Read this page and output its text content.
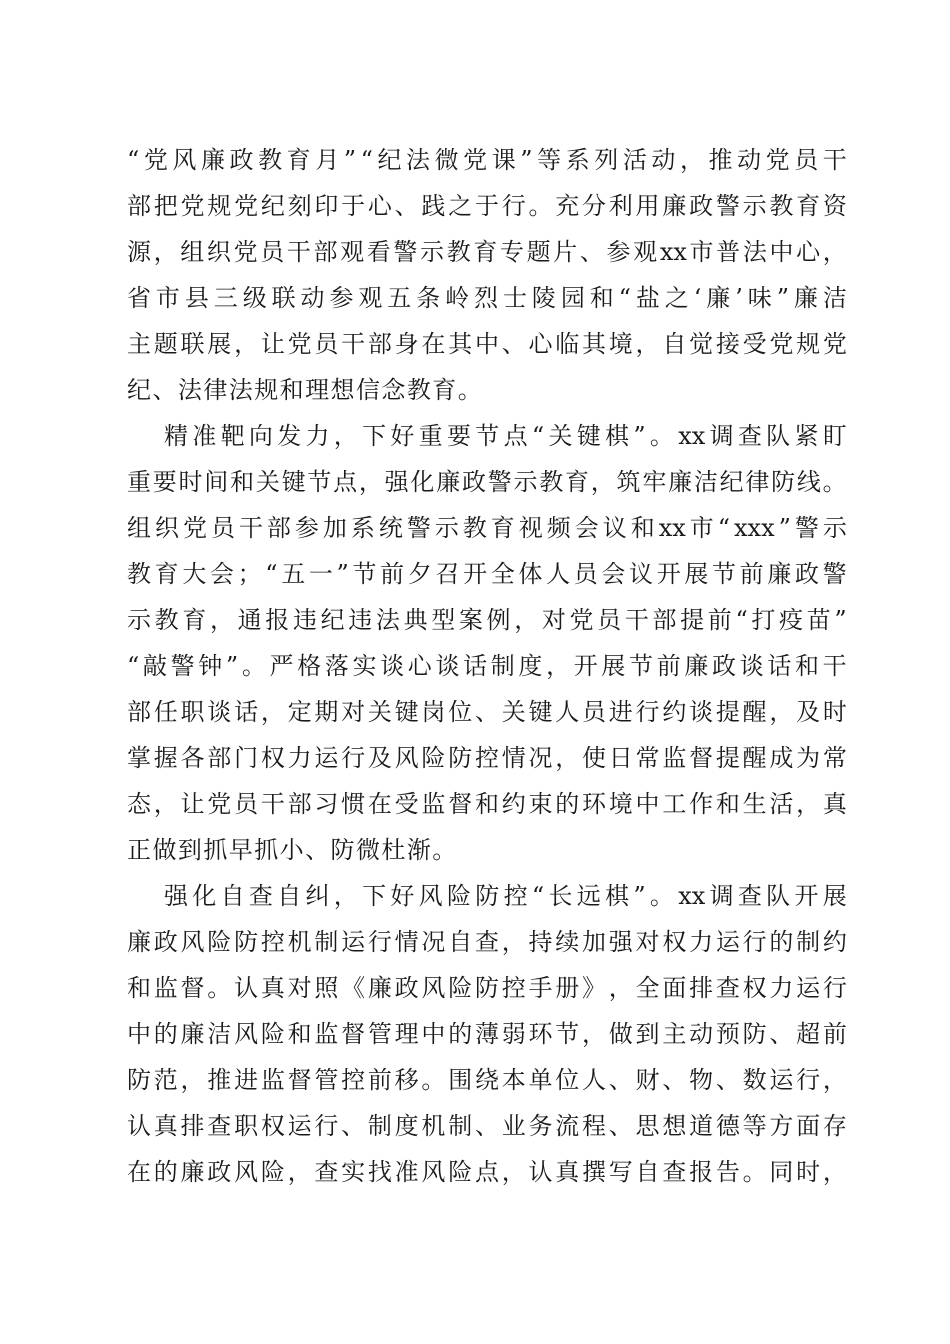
“ 党 风 廉 政 教 育 月 ” “ 纪 法 微 党 课 ” 等 系 列 活 动 ， 推 动 党 员 干
部 把 党 规 党 纪 刻 印 于 心 、 践 之 于 行 。 充 分 利 用 廉 政 警 示 教 育 资
源 ， 组 织 党 员 干 部 观 看 警 示 教 育 专 题 片 、 参 观 xx 市 普 法 中 心 ，
省 市 县 三 级 联 动 参 观 五 条 岭 烈 士 陵 园 和 “ 盐 之 ‘ 廉 ’ 味 ” 廉 洁
主 题 联 展 ， 让 党 员 干 部 身 在 其 中 、 心 临 其 境 ， 自 觉 接 受 党 规 党
纪 、 法 律 法 规 和 理 想 信 念 教 育 。
精 准 靶 向 发 力 ， 下 好 重 要 节 点 “ 关 键 棋 ” 。 xx 调 查 队 紧 盯
重 要 时 间 和 关 键 节 点 ， 强 化 廉 政 警 示 教 育 ， 筑 牢 廉 洁 纪 律 防 线 。
组 织 党 员 干 部 参 加 系 统 警 示 教 育 视 频 会 议 和 xx 市 “ xxx ” 警 示
教 育 大 会 ； “ 五 一 ” 节 前 夕 召 开 全 体 人 员 会 议 开 展 节 前 廉 政 警
示 教 育 ， 通 报 违 纪 违 法 典 型 案 例 ， 对 党 员 干 部 提 前 “ 打 疫 苗 ”
“ 敲 警 钟 ” 。 严 格 落 实 谈 心 谈 话 制 度 ， 开 展 节 前 廉 政 谈 话 和 干
部 任 职 谈 话 ， 定 期 对 关 键 岗 位 、 关 键 人 员 进 行 约 谈 提 醒 ， 及 时
掌 握 各 部 门 权 力 运 行 及 风 险 防 控 情 况 ， 使 日 常 监 督 提 醒 成 为 常
态 ， 让 党 员 干 部 习 惯 在 受 监 督 和 约 束 的 环 境 中 工 作 和 生 活 ， 真
正 做 到 抓 早 抓 小 、 防 微 杜 渐 。
强 化 自 查 自 纠 ， 下 好 风 险 防 控 “ 长 远 棋 ” 。 xx 调 查 队 开 展
廉 政 风 险 防 控 机 制 运 行 情 况 自 查 ， 持 续 加 强 对 权 力 运 行 的 制 约
和 监 督 。 认 真 对 照 《 廉 政 风 险 防 控 手 册 》 ， 全 面 排 查 权 力 运 行
中 的 廉 洁 风 险 和 监 督 管 理 中 的 薄 弱 环 节 ， 做 到 主 动 预 防 、 超 前
防 范 ， 推 进 监 督 管 控 前 移 。 围 绕 本 单 位 人 、 财 、 物 、 数 运 行 ，
认 真 排 查 职 权 运 行 、 制 度 机 制 、 业 务 流 程 、 思 想 道 德 等 方 面 存
在 的 廉 政 风 险 ， 查 实 找 准 风 险 点 ， 认 真 撰 写 自 查 报 告 。 同 时 ，
